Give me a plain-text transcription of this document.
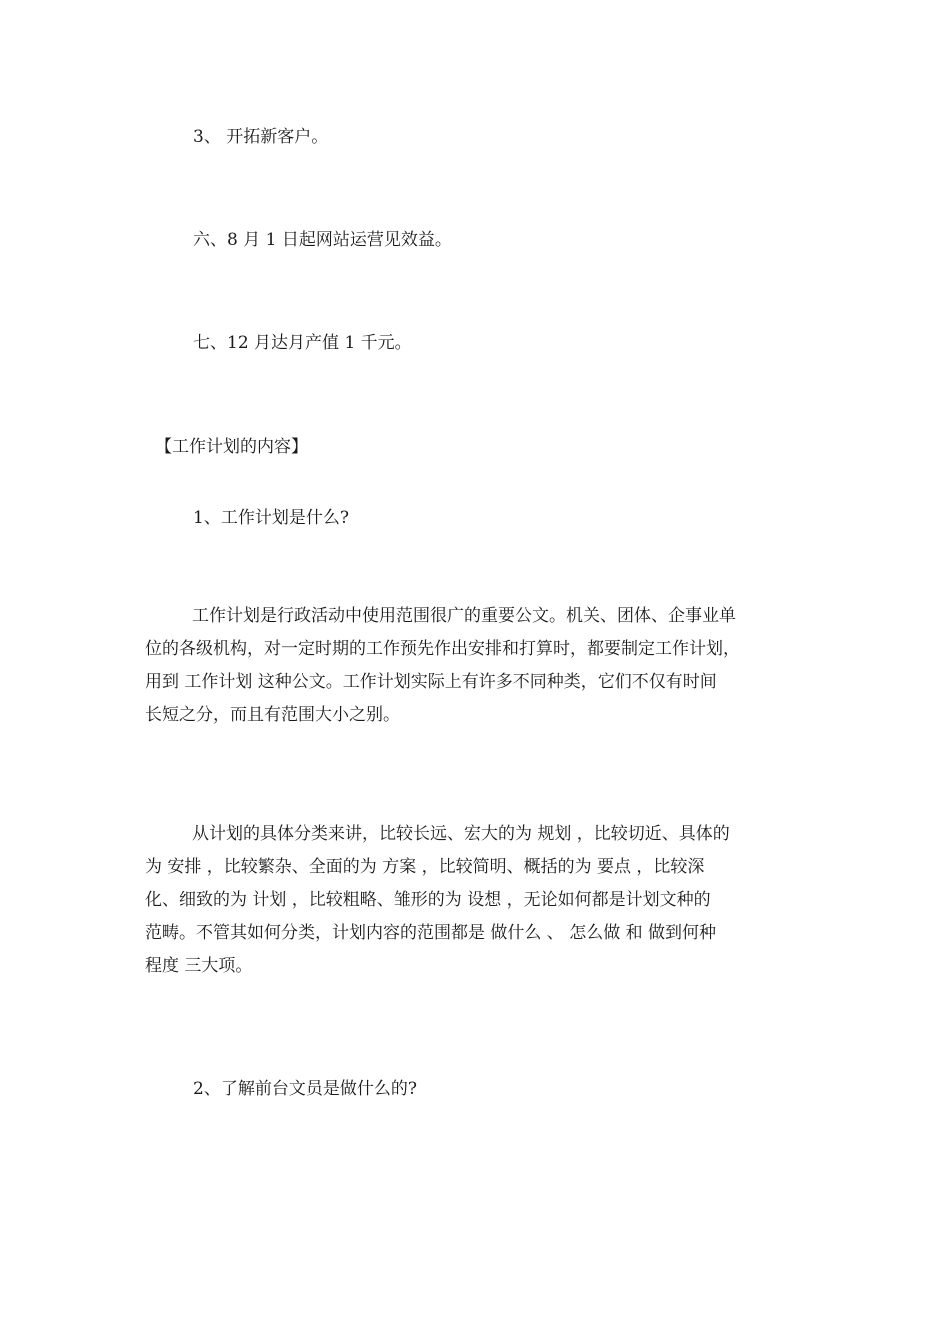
3、 开拓新客户。

六、8 月 1 日起网站运营见效益。

七、12 月达月产值 1 千元。

【工作计划的内容】

1、工作计划是什么?

工作计划是行政活动中使用范围很广的重要公文。机关、团体、企事业单
位的各级机构，对一定时期的工作预先作出安排和打算时，都要制定工作计划，
用到 工作计划 这种公文。工作计划实际上有许多不同种类，它们不仅有时间
长短之分，而且有范围大小之别。
从计划的具体分类来讲，比较长远、宏大的为 规划 ，比较切近、具体的
为 安排 ，比较繁杂、全面的为 方案 ，比较简明、概括的为 要点 ，比较深
化、细致的为 计划 ，比较粗略、雏形的为 设想 ，无论如何都是计划文种的
范畴。不管其如何分类，计划内容的范围都是 做什么 、 怎么做 和 做到何种
程度 三大项。

2、了解前台文员是做什么的?
